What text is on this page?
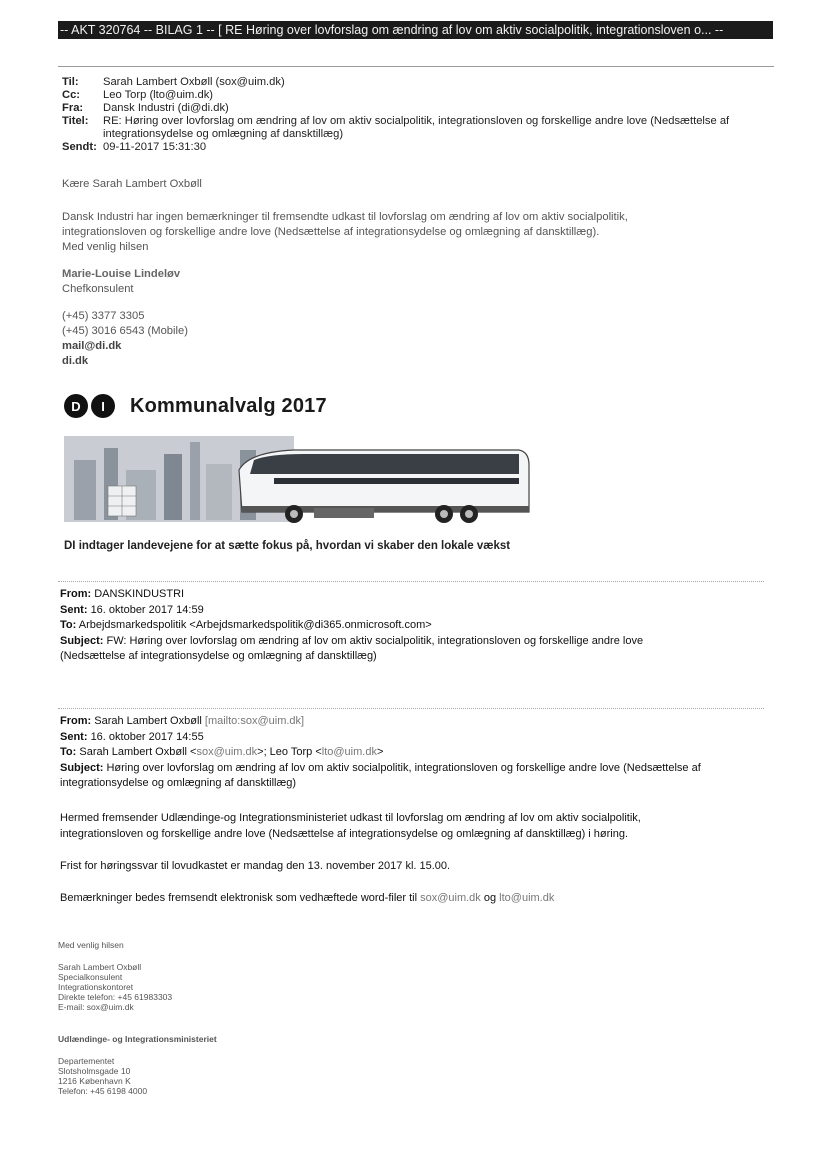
-- AKT 320764 -- BILAG 1 -- [ RE Høring over lovforslag om ændring af lov om aktiv socialpolitik, integrationsloven o... --
Til:	Sarah Lambert Oxbøll (sox@uim.dk)
Cc:	Leo Torp (lto@uim.dk)
Fra:	Dansk Industri (di@di.dk)
Titel:	RE: Høring over lovforslag om ændring af lov om aktiv socialpolitik, integrationsloven og forskellige andre love (Nedsættelse af integrationsydelse og omlægning af dansktillæg)
Sendt: 09-11-2017 15:31:30
Kære Sarah Lambert Oxbøll
Dansk Industri har ingen bemærkninger til fremsendte udkast til lovforslag om ændring af lov om aktiv socialpolitik,
integrationsloven og forskellige andre love (Nedsættelse af integrationsydelse og omlægning af dansktillæg).
Med venlig hilsen
Marie-Louise Lindeløv
Chefkonsulent
(+45) 3377 3305
(+45) 3016 6543 (Mobile)
mail@di.dk
di.dk
D	I	Kommunalvalg 2017
DI indtager landevejene for at sætte fokus på, hvordan vi skaber den lokale vækst
From: DANSKINDUSTRI
Sent: 16. oktober 2017 14:59
To: Arbejdsmarkedspolitik <Arbejdsmarkedspolitik@di365.onmicrosoft.com>
Subject: FW: Høring over lovforslag om ændring af lov om aktiv socialpolitik, integrationsloven og forskellige andre love
(Nedsættelse af integrationsydelse og omlægning af dansktillæg)
From: Sarah Lambert Oxbøll [mailto:sox@uim.dk]
Sent: 16. oktober 2017 14:55
To: Sarah Lambert Oxbøll <sox@uim.dk>; Leo Torp <lto@uim.dk>
Subject: Høring over lovforslag om ændring af lov om aktiv socialpolitik, integrationsloven og forskellige andre love (Nedsættelse af
integrationsydelse og omlægning af dansktillæg)
Hermed fremsender Udlændinge-og Integrationsministeriet udkast til lovforslag om ændring af lov om aktiv socialpolitik,
integrationsloven og forskellige andre love (Nedsættelse af integrationsydelse og omlægning af dansktillæg) i høring.
Frist for høringssvar til lovudkastet er mandag den 13. november 2017 kl. 15.00.
Bemærkninger bedes fremsendt elektronisk som vedhæftede word-filer til sox@uim.dk og lto@uim.dk
Med venlig hilsen
Sarah Lambert Oxbøll
Specialkonsulent
Integrationskontoret
Direkte telefon: +45 61983303
E-mail: sox@uim.dk
Udlændinge- og Integrationsministeriet
Departementet
Slotsholmsgade 10
1216 København K
Telefon: +45 6198 4000
